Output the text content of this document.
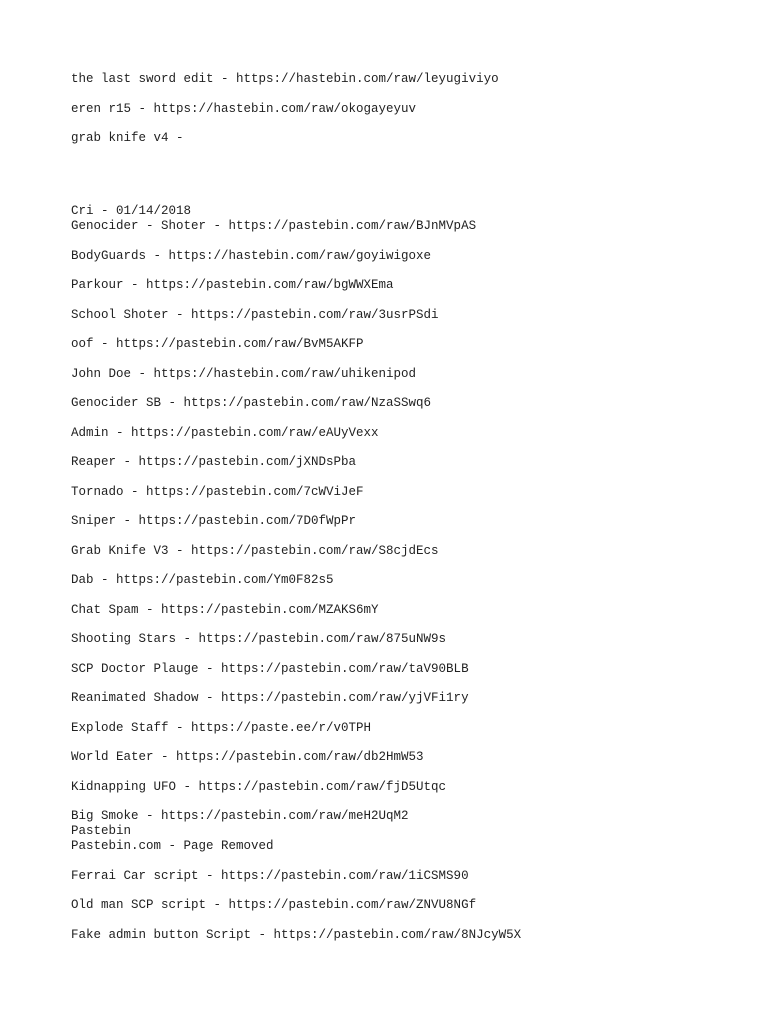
the last sword edit - https://hastebin.com/raw/leyugiviyo

eren r15 - https://hastebin.com/raw/okogayeyuv

grab knife v4 -

Cri - 01/14/2018

Genocider - Shoter - https://pastebin.com/raw/BJnMVpAS

BodyGuards - https://hastebin.com/raw/goyiwigoxe

Parkour - https://pastebin.com/raw/bgWWXEma

School Shoter - https://pastebin.com/raw/3usrPSdi

oof - https://pastebin.com/raw/BvM5AKFP

John Doe - https://hastebin.com/raw/uhikenipod

Genocider SB - https://pastebin.com/raw/NzaSSwq6

Admin - https://pastebin.com/raw/eAUyVexx

Reaper - https://pastebin.com/jXNDsPba

Tornado - https://pastebin.com/7cWViJeF

Sniper - https://pastebin.com/7D0fWpPr

Grab Knife V3 - https://pastebin.com/raw/S8cjdEcs

Dab - https://pastebin.com/Ym0F82s5

Chat Spam - https://pastebin.com/MZAKS6mY

Shooting Stars - https://pastebin.com/raw/875uNW9s

SCP Doctor Plauge - https://pastebin.com/raw/taV90BLB

Reanimated Shadow - https://pastebin.com/raw/yjVFi1ry

Explode Staff - https://paste.ee/r/v0TPH

World Eater - https://pastebin.com/raw/db2HmW53

Kidnapping UFO - https://pastebin.com/raw/fjD5Utqc

Big Smoke - https://pastebin.com/raw/meH2UqM2

Pastebin

Pastebin.com - Page Removed

Ferrai Car script - https://pastebin.com/raw/1iCSMS90

Old man SCP script - https://pastebin.com/raw/ZNVU8NGf

Fake admin button Script - https://pastebin.com/raw/8NJcyW5X
